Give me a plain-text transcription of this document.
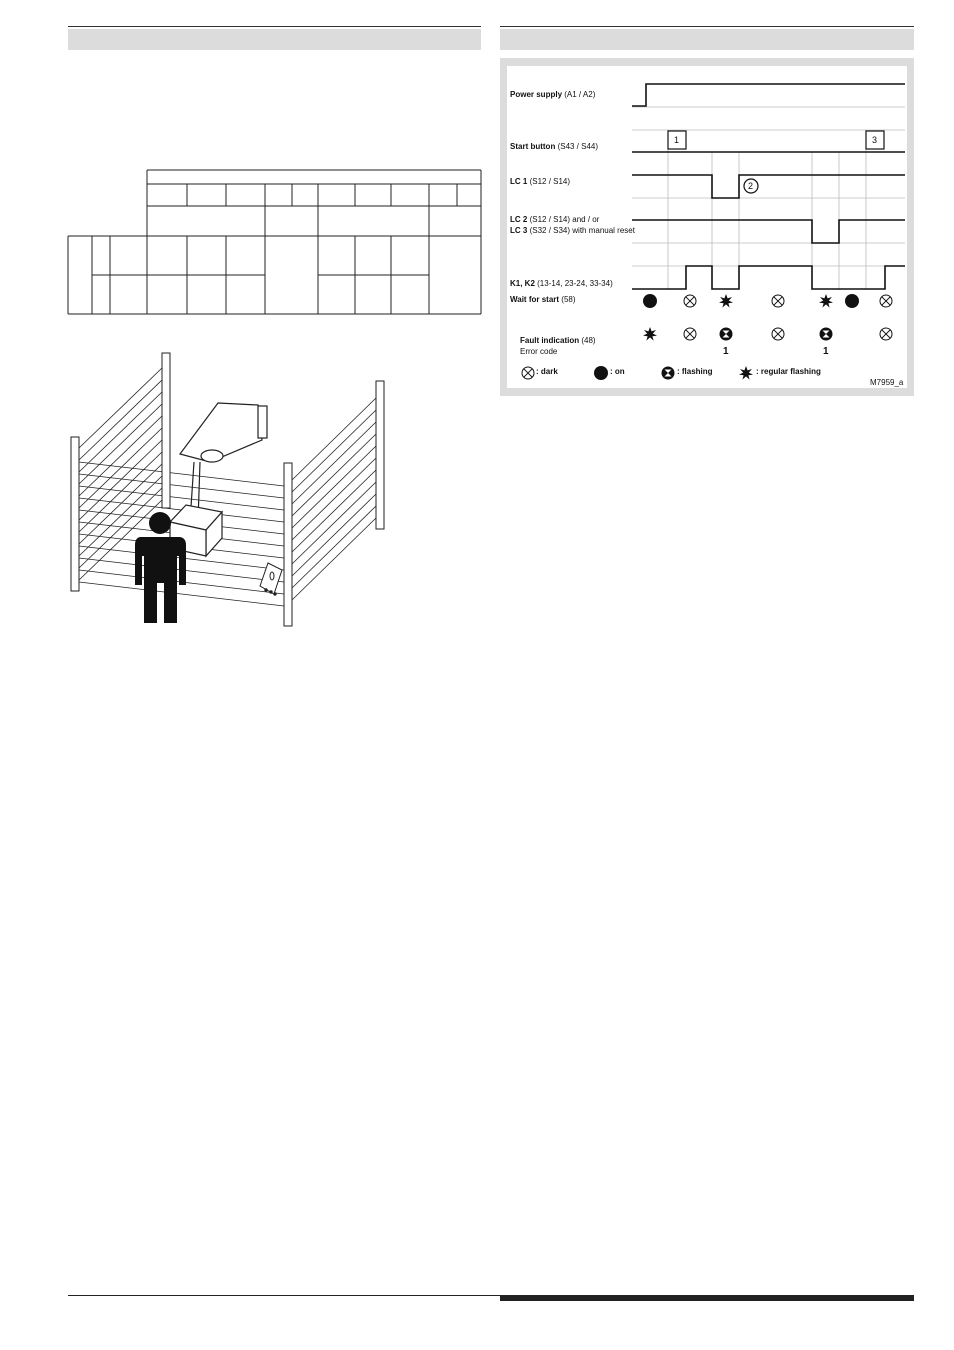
1
2
3
Power supply (A1 / A2)
Start button (S43 / S44)
LC 1 (S12 / S14)
LC 2 (S12 / S14) and / or
LC 3 (S32 / S34) with manual reset
K1, K2 (13-14, 23-24, 33-34)
Wait for start (58)
Fault indication (48)
Error code	1	1
: dark	: on	: flashing	: regular flashing
M7959_a
